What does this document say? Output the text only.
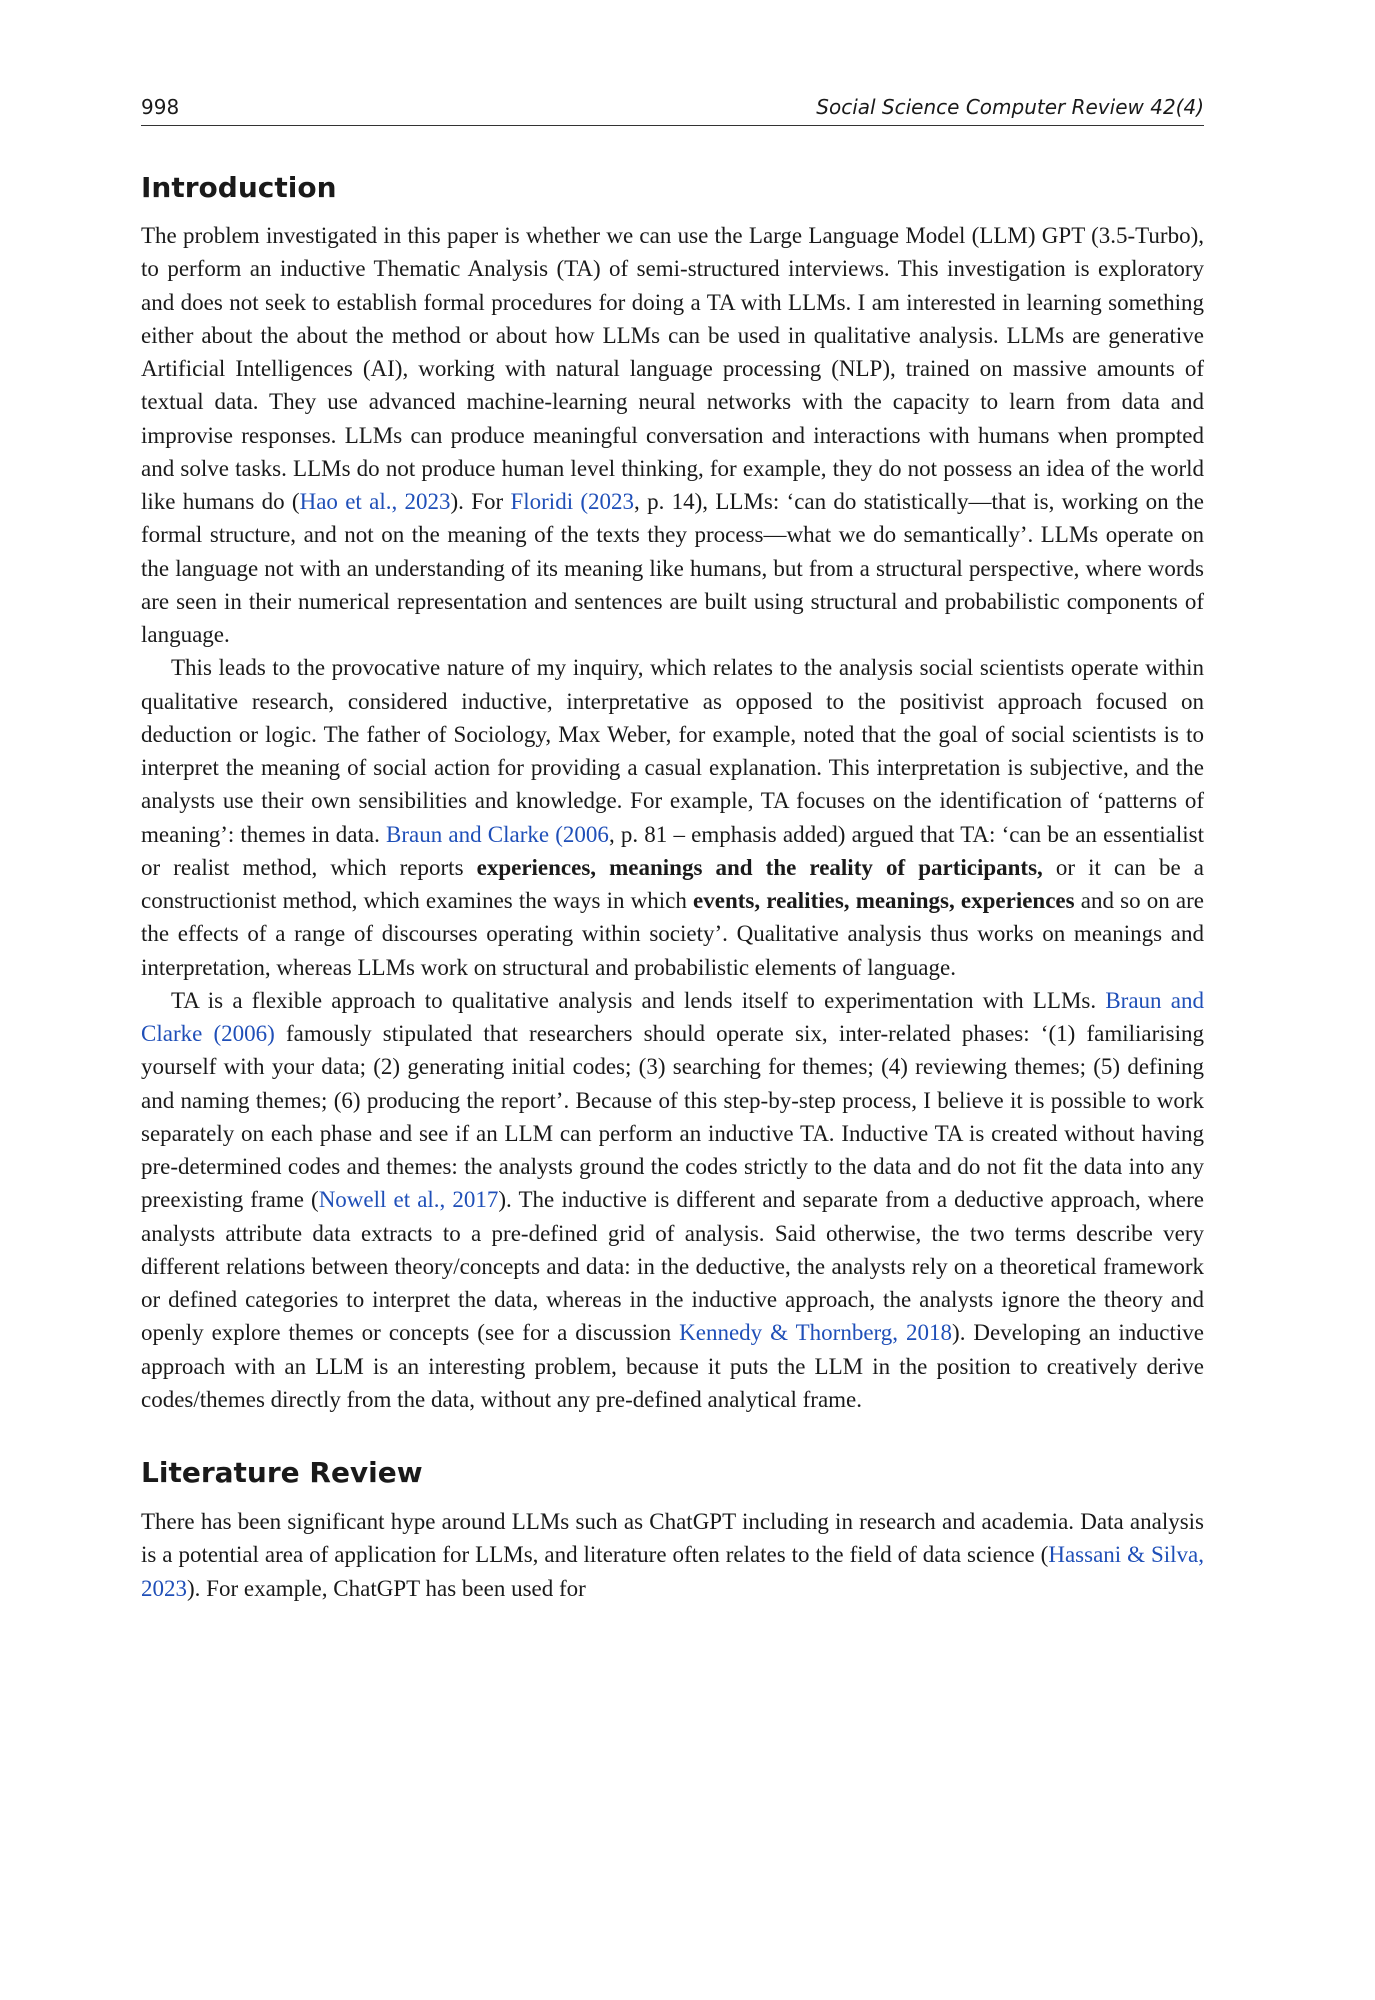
998	Social Science Computer Review 42(4)
Introduction

The problem investigated in this paper is whether we can use the Large Language Model (LLM) GPT (3.5-Turbo), to perform an inductive Thematic Analysis (TA) of semi-structured interviews. This investigation is exploratory and does not seek to establish formal procedures for doing a TA with LLMs. I am interested in learning something either about the about the method or about how LLMs can be used in qualitative analysis. LLMs are generative Artificial Intelligences (AI), working with natural language processing (NLP), trained on massive amounts of textual data. They use advanced machine-learning neural networks with the capacity to learn from data and improvise responses. LLMs can produce meaningful conversation and interactions with humans when prompted and solve tasks. LLMs do not produce human level thinking, for example, they do not possess an idea of the world like humans do (Hao et al., 2023). For Floridi (2023, p. 14), LLMs: ‘can do statistically—that is, working on the formal structure, and not on the meaning of the texts they process—what we do semantically’. LLMs operate on the language not with an understanding of its meaning like humans, but from a structural perspective, where words are seen in their numerical representation and sentences are built using structural and probabilistic components of language.

This leads to the provocative nature of my inquiry, which relates to the analysis social scientists operate within qualitative research, considered inductive, interpretative as opposed to the positivist approach focused on deduction or logic. The father of Sociology, Max Weber, for example, noted that the goal of social scientists is to interpret the meaning of social action for providing a casual explanation. This interpretation is subjective, and the analysts use their own sensibilities and knowledge. For example, TA focuses on the identification of ‘patterns of meaning’: themes in data. Braun and Clarke (2006, p. 81 – emphasis added) argued that TA: ‘can be an essentialist or realist method, which reports experiences, meanings and the reality of participants, or it can be a constructionist method, which examines the ways in which events, realities, meanings, experiences and so on are the effects of a range of discourses operating within society’. Qualitative analysis thus works on meanings and interpretation, whereas LLMs work on structural and probabilistic elements of language.

TA is a flexible approach to qualitative analysis and lends itself to experimentation with LLMs. Braun and Clarke (2006) famously stipulated that researchers should operate six, inter-related phases: ‘(1) familiarising yourself with your data; (2) generating initial codes; (3) searching for themes; (4) reviewing themes; (5) defining and naming themes; (6) producing the report’. Because of this step-by-step process, I believe it is possible to work separately on each phase and see if an LLM can perform an inductive TA. Inductive TA is created without having pre-determined codes and themes: the analysts ground the codes strictly to the data and do not fit the data into any preexisting frame (Nowell et al., 2017). The inductive is different and separate from a deductive approach, where analysts attribute data extracts to a pre-defined grid of analysis. Said otherwise, the two terms describe very different relations between theory/concepts and data: in the deductive, the analysts rely on a theoretical framework or defined categories to interpret the data, whereas in the inductive approach, the analysts ignore the theory and openly explore themes or concepts (see for a discussion Kennedy & Thornberg, 2018). Developing an inductive approach with an LLM is an interesting problem, because it puts the LLM in the position to creatively derive codes/themes directly from the data, without any pre-defined analytical frame.

Literature Review

There has been significant hype around LLMs such as ChatGPT including in research and academia. Data analysis is a potential area of application for LLMs, and literature often relates to the field of data science (Hassani & Silva, 2023). For example, ChatGPT has been used for
